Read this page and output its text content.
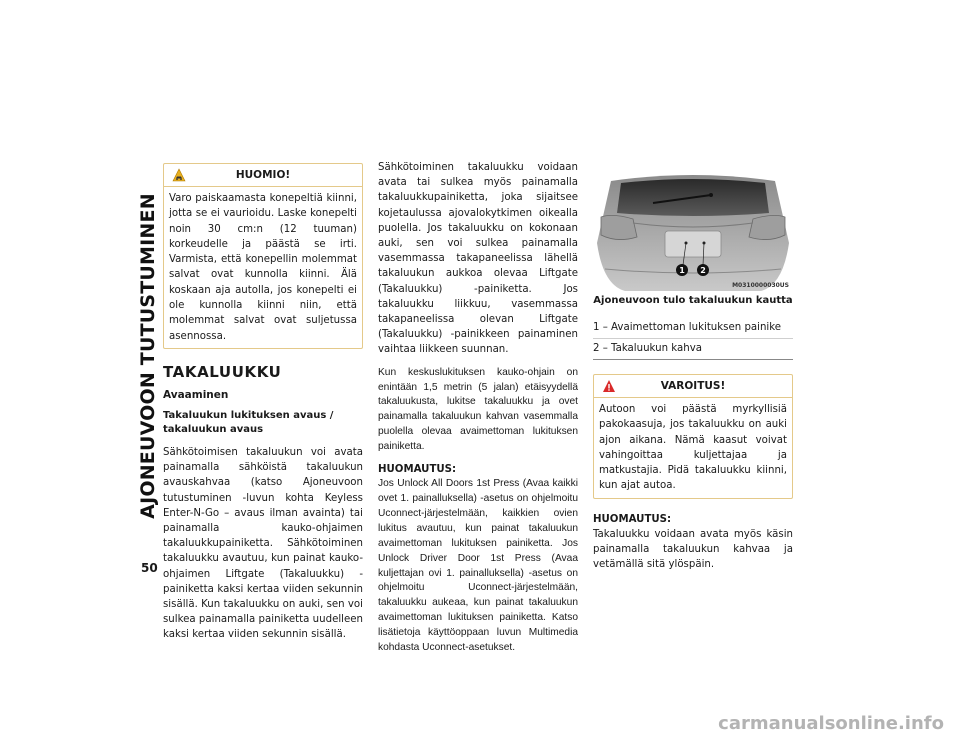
AJONEUVOON TUTUSTUMINEN
50
HUOMIO!
Varo paiskaamasta konepeltiä kiinni, jotta se ei vaurioidu. Laske konepelti noin 30 cm:n (12 tuuman) korkeudelle ja päästä se irti. Varmista, että konepellin molemmat salvat ovat kunnolla kiinni. Älä koskaan aja autolla, jos konepelti ei ole kunnolla kiinni niin, että molemmat salvat ovat suljetussa asennossa.
TAKALUUKKU
Avaaminen
Takaluukun lukituksen avaus / takaluukun avaus

Sähkötoimisen takaluukun voi avata painamalla sähköistä takaluukun avauskahvaa (katso Ajoneuvoon tutustuminen -luvun kohta Keyless Enter-N-Go – avaus ilman avainta) tai painamalla kauko-ohjaimen takaluukkupainiketta. Sähkötoiminen takaluukku avautuu, kun painat kauko-ohjaimen Liftgate (Takaluukku) -painiketta kaksi kertaa viiden sekunnin sisällä. Kun takaluukku on auki, sen voi sulkea painamalla painiketta uudelleen kaksi kertaa viiden sekunnin sisällä.

Sähkötoiminen takaluukku voidaan avata tai sulkea myös painamalla takaluukkupainiketta, joka sijaitsee kojetaulussa ajovalokytkimen oikealla puolella. Jos takaluukku on kokonaan auki, sen voi sulkea painamalla vasemmassa takapaneelissa lähellä takaluukun aukkoa olevaa Liftgate (Takaluukku) -painiketta. Jos takaluukku liikkuu, vasemmassa takapaneelissa olevan Liftgate (Takaluukku) -painikkeen painaminen vaihtaa liikkeen suunnan.

Kun keskuslukituksen kauko-ohjain on enintään 1,5 metrin (5 jalan) etäisyydellä takaluukusta, lukitse takaluukku ja ovet painamalla takaluukun kahvan vasemmalla puolella olevaa avaimettoman lukituksen painiketta.

HUOMAUTUS:

Jos Unlock All Doors 1st Press (Avaa kaikki ovet 1. painalluksella) -asetus on ohjelmoitu Uconnect-järjestelmään, kaikkien ovien lukitus avautuu, kun painat takaluukun avaimettoman lukituksen painiketta. Jos Unlock Driver Door 1st Press (Avaa kuljettajan ovi 1. painalluksella) -asetus on ohjelmoitu Uconnect-järjestelmään, takaluukku aukeaa, kun painat takaluukun avaimettoman lukituksen painiketta. Katso lisätietoja käyttöoppaan luvun Multimedia kohdasta Uconnect-asetukset.

1 2
M0310000030US
Ajoneuvoon tulo takaluukun kautta
1 – Avaimettoman lukituksen painike
2 – Takaluukun kahva
VAROITUS!
Autoon voi päästä myrkyllisiä pakokaasuja, jos takaluukku on auki ajon aikana. Nämä kaasut voivat vahingoittaa kuljettajaa ja matkustajia. Pidä takaluukku kiinni, kun ajat autoa.

HUOMAUTUS:

Takaluukku voidaan avata myös käsin painamalla takaluukun kahvaa ja vetämällä sitä ylöspäin.

carmanualsonline.info
